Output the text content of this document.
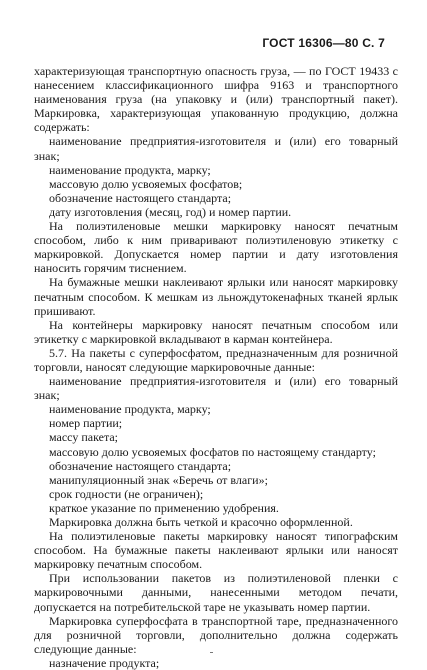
ГОСТ 16306—80 С. 7

характеризующая транспортную опасность груза, — по ГОСТ 19433 с нанесением классификационного шифра 9163 и транспортного наименования груза (на упаковку и (или) транспортный пакет). Маркировка, характеризующая упакованную продукцию, должна содержать:

наименование предприятия-изготовителя и (или) его товарный знак;

наименование продукта, марку;

массовую долю усвояемых фосфатов;

обозначение настоящего стандарта;

дату изготовления (месяц, год) и номер партии.

На полиэтиленовые мешки маркировку наносят печатным способом, либо к ним приваривают полиэтиленовую этикетку с маркировкой. Допускается номер партии и дату изготовления наносить горячим тиснением.

На бумажные мешки наклеивают ярлыки или наносят маркировку печатным способом. К мешкам из льнождутокенафных тканей ярлык пришивают.

На контейнеры маркировку наносят печатным способом или этикетку с маркировкой вкладывают в карман контейнера.

5.7. На пакеты с суперфосфатом, предназначенным для розничной торговли, наносят следующие маркировочные данные:

наименование предприятия-изготовителя и (или) его товарный знак;

наименование продукта, марку;

номер партии;

массу пакета;

массовую долю усвояемых фосфатов по настоящему стандарту;

обозначение настоящего стандарта;

манипуляционный знак «Беречь от влаги»;

срок годности (не ограничен);

краткое указание по применению удобрения.

Маркировка должна быть четкой и красочно оформленной.

На полиэтиленовые пакеты маркировку наносят типографским способом. На бумажные пакеты наклеивают ярлыки или наносят маркировку печатным способом.

При использовании пакетов из полиэтиленовой пленки с маркировочными данными, нанесенными методом печати, допускается на потребительской таре не указывать номер партии.

Маркировка суперфосфата в транспортной таре, предназначенного для розничной торговли, дополнительно должна содержать следующие данные:

назначение продукта;
